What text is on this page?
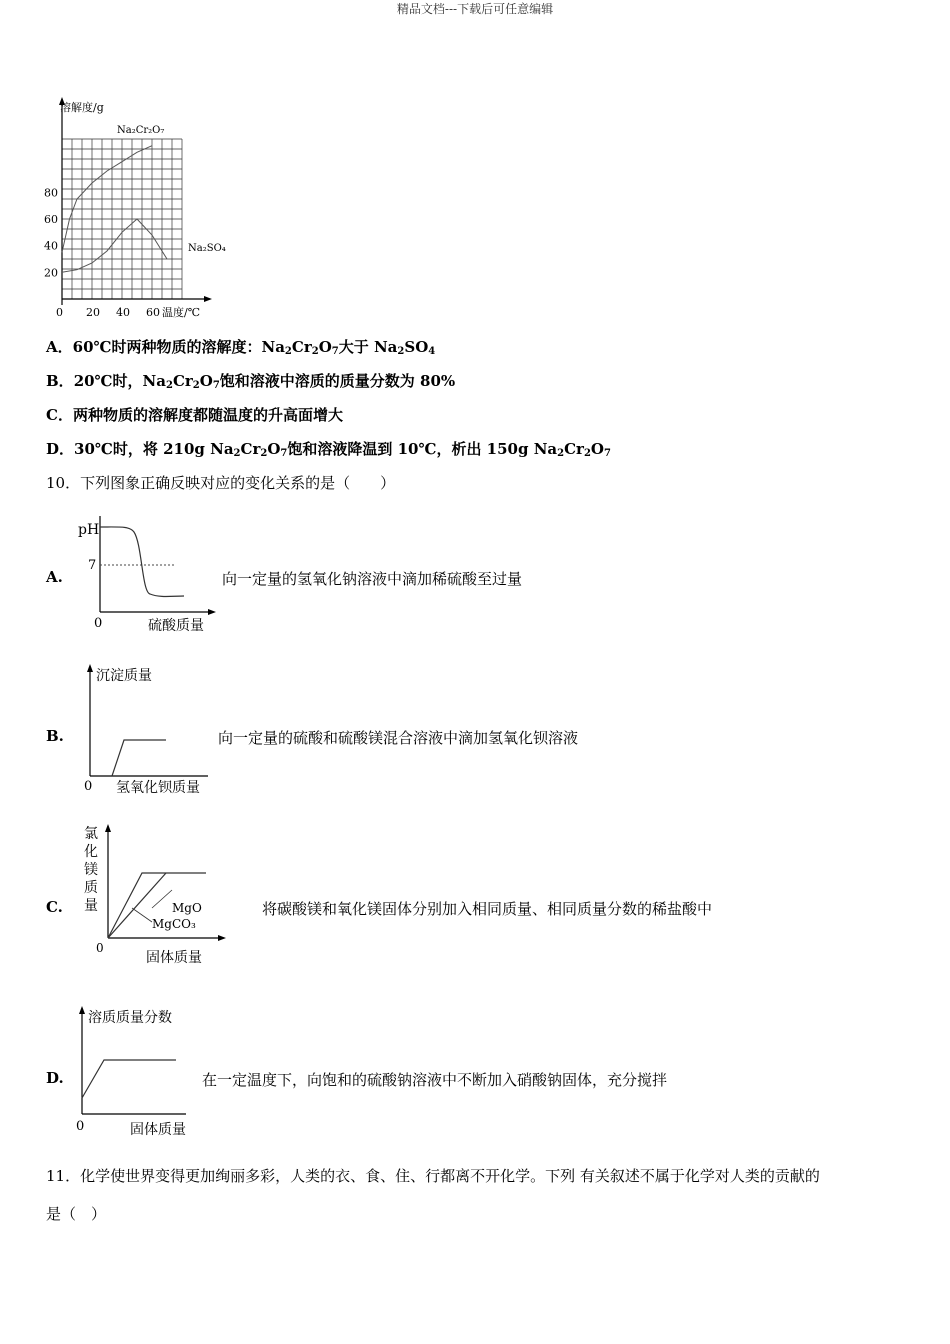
精品文档---下载后可任意编辑
溶解度/g
温度/℃
80
60
40
20
0 20 40 60
Na₂Cr₂O₇
Na₂SO₄
A．60℃时两种物质的溶解度：$Na_2Cr_2O_7$大于 $Na_2SO_4$
B．20℃时，$Na_2Cr_2O_7$饱和溶液中溶质的质量分数为 80%
C．两种物质的溶解度都随温度的升高面增大
D．30℃时，将 210g $Na_2Cr_2O_7$饱和溶液降温到 10℃，析出 150g $Na_2Cr_2O_7$
10．下列图象正确反映对应的变化关系的是（　　）
A.
pH
7
0	硫酸质量
向一定量的氢氧化钠溶液中滴加稀硫酸至过量
B.
沉淀质量
0 氢氧化钡质量
向一定量的硫酸和硫酸镁混合溶液中滴加氢氧化钡溶液
C.
氯
化
镁
质
量	MgO
MgCO₃
0
固体质量
将碳酸镁和氧化镁固体分别加入相同质量、相同质量分数的稀盐酸中
D.
溶质质量分数
0	固体质量
在一定温度下，向饱和的硫酸钠溶液中不断加入硝酸钠固体，充分搅拌
11．化学使世界变得更加绚丽多彩，人类的衣、食、住、行都离不开化学。下列 有关叙述不属于化学对人类的贡献的
是（　）
